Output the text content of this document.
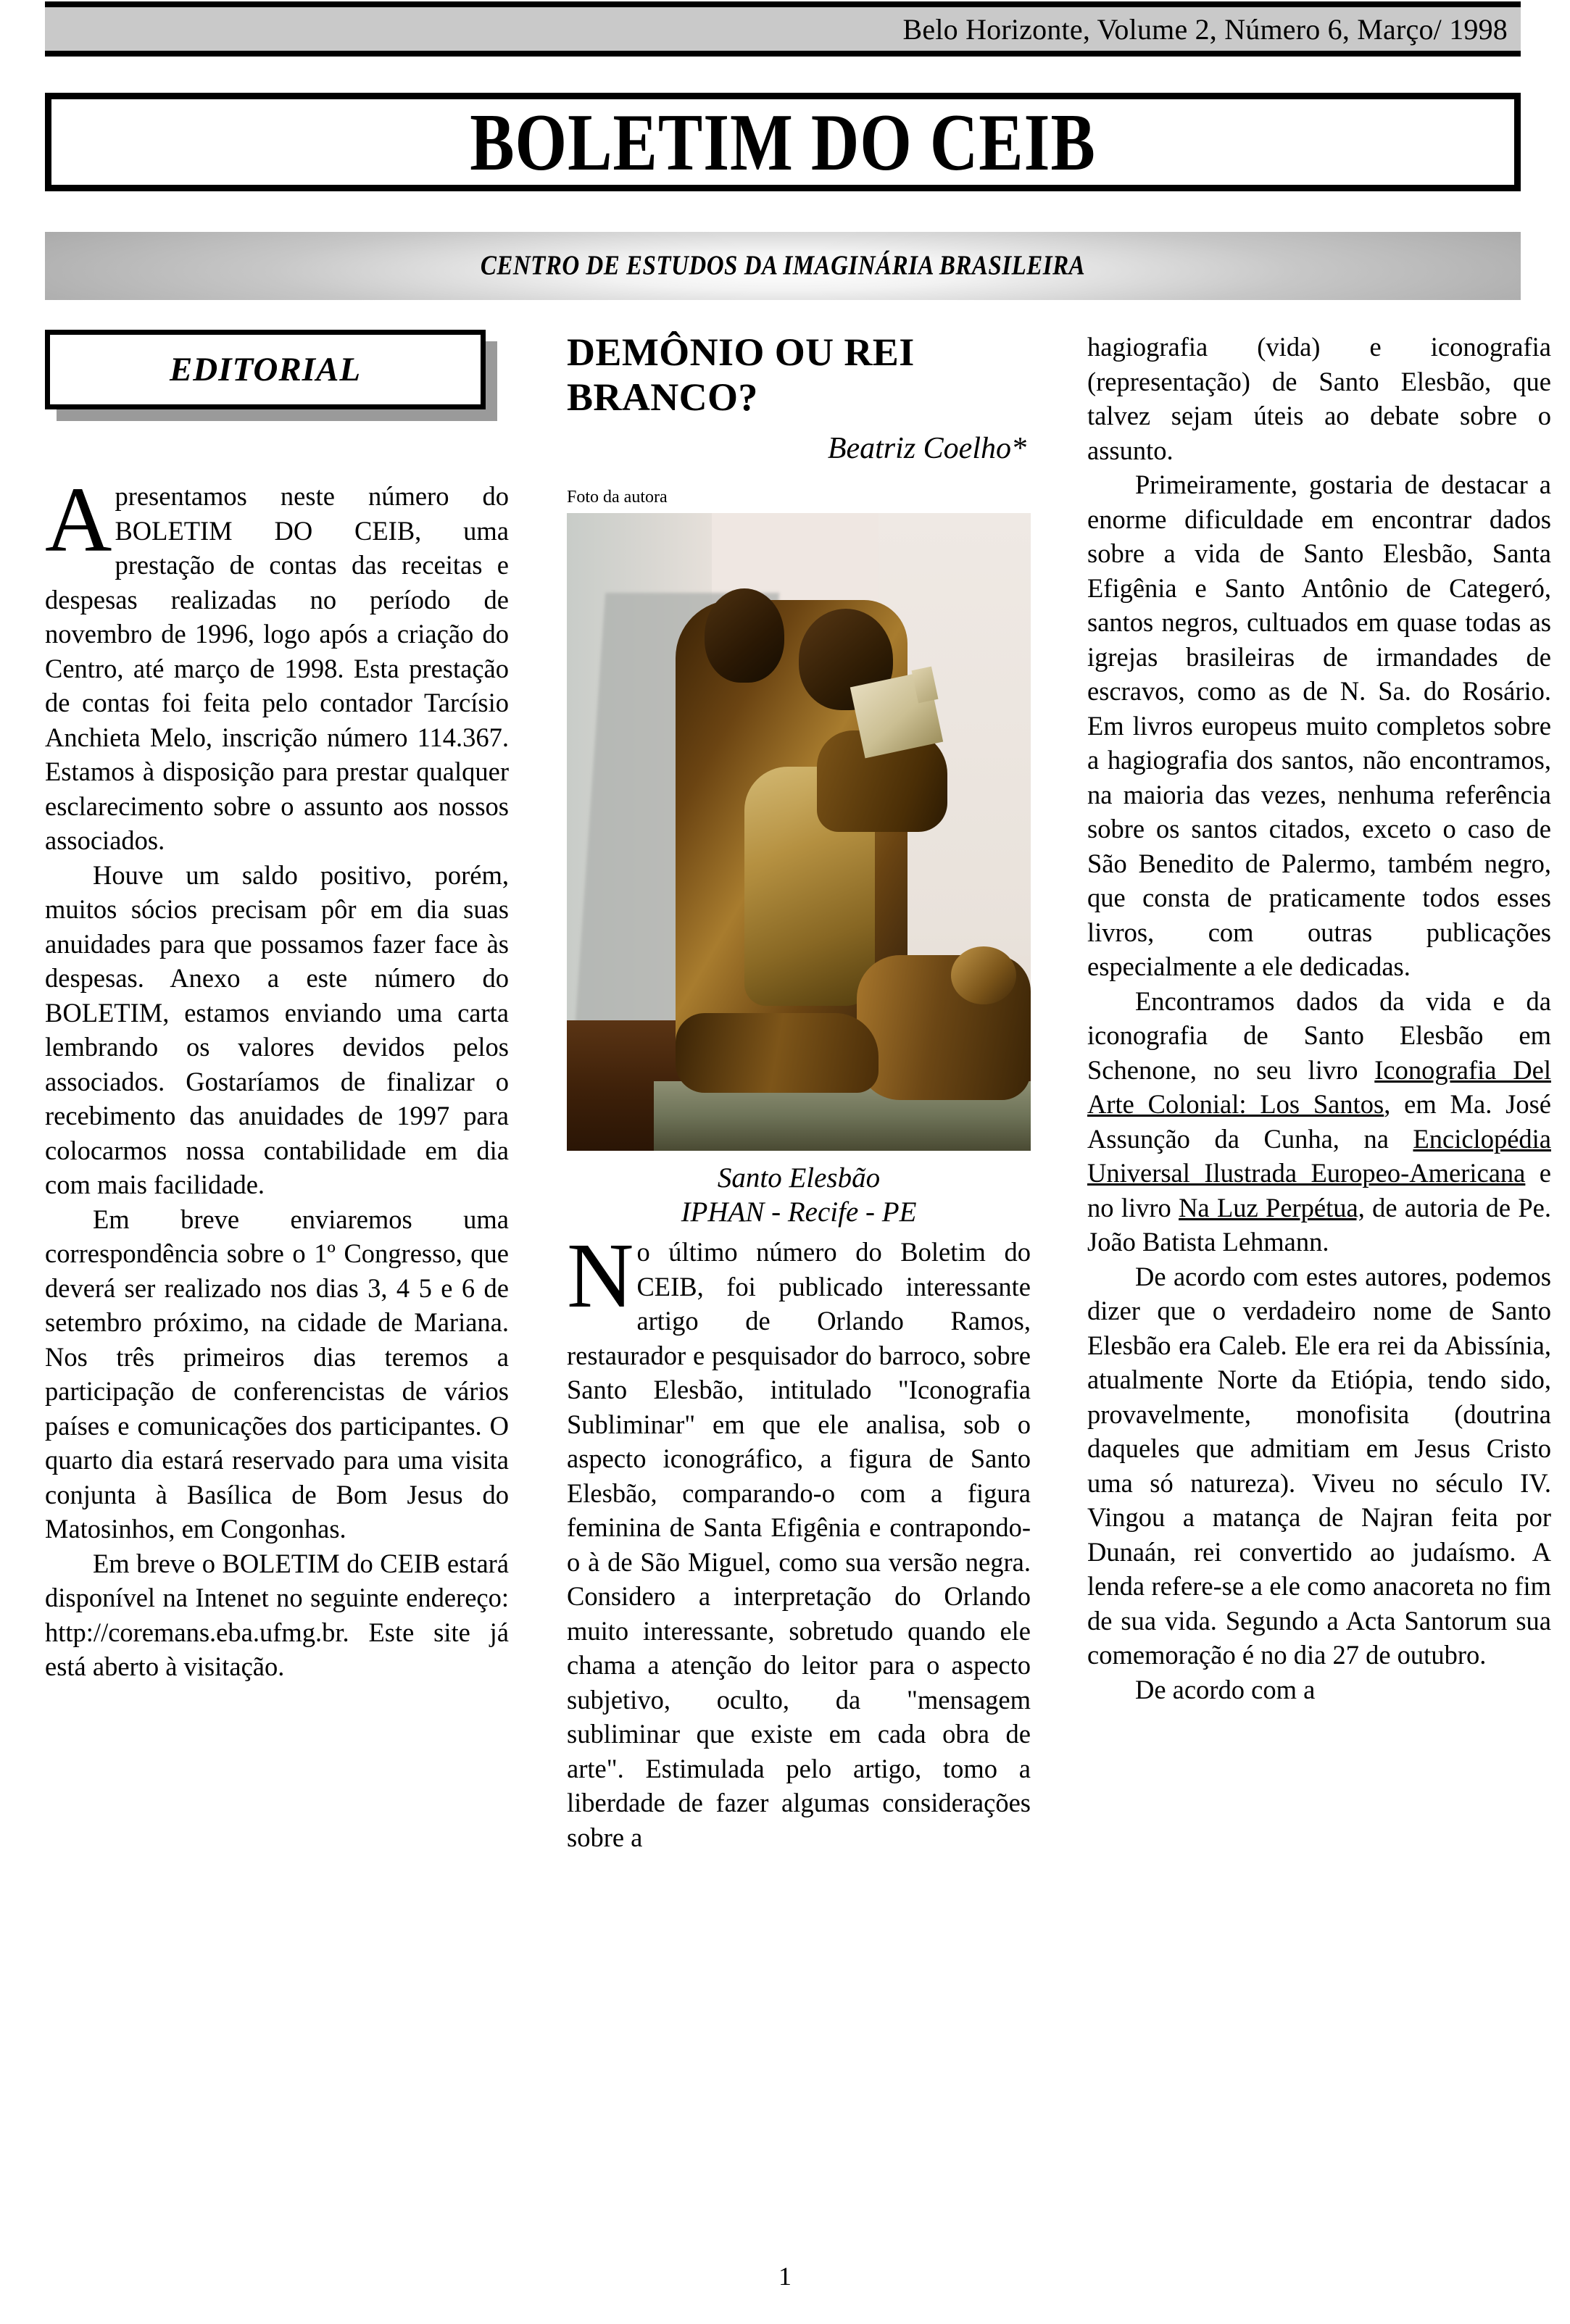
Belo Horizonte, Volume 2, Número 6, Março/ 1998
BOLETIM DO CEIB
CENTRO DE ESTUDOS DA IMAGINÁRIA BRASILEIRA
EDITORIAL

Apresentamos neste número do BOLETIM DO CEIB, uma prestação de contas das receitas e despesas realizadas no período de novembro de 1996, logo após a criação do Centro, até março de 1998. Esta prestação de contas foi feita pelo contador Tarcísio Anchieta Melo, inscrição número 114.367. Estamos à disposição para prestar qualquer esclarecimento sobre o assunto aos nossos associados.

Houve um saldo positivo, porém, muitos sócios precisam pôr em dia suas anuidades para que possamos fazer face às despesas. Anexo a este número do BOLETIM, estamos enviando uma carta lembrando os valores devidos pelos associados. Gostaríamos de finalizar o recebimento das anuidades de 1997 para colocarmos nossa contabilidade em dia com mais facilidade.

Em breve enviaremos uma correspondência sobre o 1º Congresso, que deverá ser realizado nos dias 3, 4 5 e 6 de setembro próximo, na cidade de Mariana. Nos três primeiros dias teremos a participação de conferencistas de vários países e comunicações dos participantes. O quarto dia estará reservado para uma visita conjunta à Basílica de Bom Jesus do Matosinhos, em Congonhas.

Em breve o BOLETIM do CEIB estará disponível na Intenet no seguinte endereço: http://coremans.eba.ufmg.br. Este site já está aberto à visitação.

DEMÔNIO OU REI BRANCO?
Beatriz Coelho*
Foto da autora
Santo Elesbão
IPHAN - Recife - PE

No último número do Boletim do CEIB, foi publicado interessante artigo de Orlando Ramos, restaurador e pesquisador do barroco, sobre Santo Elesbão, intitulado "Iconografia Subliminar" em que ele analisa, sob o aspecto iconográfico, a figura de Santo Elesbão, comparando-o com a figura feminina de Santa Efigênia e contrapondo-o à de São Miguel, como sua versão negra. Considero a interpretação do Orlando muito interessante, sobretudo quando ele chama a atenção do leitor para o aspecto subjetivo, oculto, da "mensagem subliminar que existe em cada obra de arte". Estimulada pelo artigo, tomo a liberdade de fazer algumas considerações sobre a

hagiografia (vida) e iconografia (representação) de Santo Elesbão, que talvez sejam úteis ao debate sobre o assunto.

Primeiramente, gostaria de destacar a enorme dificuldade em encontrar dados sobre a vida de Santo Elesbão, Santa Efigênia e Santo Antônio de Categeró, santos negros, cultuados em quase todas as igrejas brasileiras de irmandades de escravos, como as de N. Sa. do Rosário. Em livros europeus muito completos sobre a hagiografia dos santos, não encontramos, na maioria das vezes, nenhuma referência sobre os santos citados, exceto o caso de São Benedito de Palermo, também negro, que consta de praticamente todos esses livros, com outras publicações especialmente a ele dedicadas.

Encontramos dados da vida e da iconografia de Santo Elesbão em Schenone, no seu livro Iconografia Del Arte Colonial: Los Santos, em Ma. José Assunção da Cunha, na Enciclopédia Universal Ilustrada Europeo-Americana e no livro Na Luz Perpétua, de autoria de Pe. João Batista Lehmann.

De acordo com estes autores, podemos dizer que o verdadeiro nome de Santo Elesbão era Caleb. Ele era rei da Abissínia, atualmente Norte da Etiópia, tendo sido, provavelmente, monofisita (doutrina daqueles que admitiam em Jesus Cristo uma só natureza). Viveu no século IV. Vingou a matança de Najran feita por Dunaán, rei convertido ao judaísmo. A lenda refere-se a ele como anacoreta no fim de sua vida. Segundo a Acta Santorum sua comemoração é no dia 27 de outubro.

De acordo com a

1
